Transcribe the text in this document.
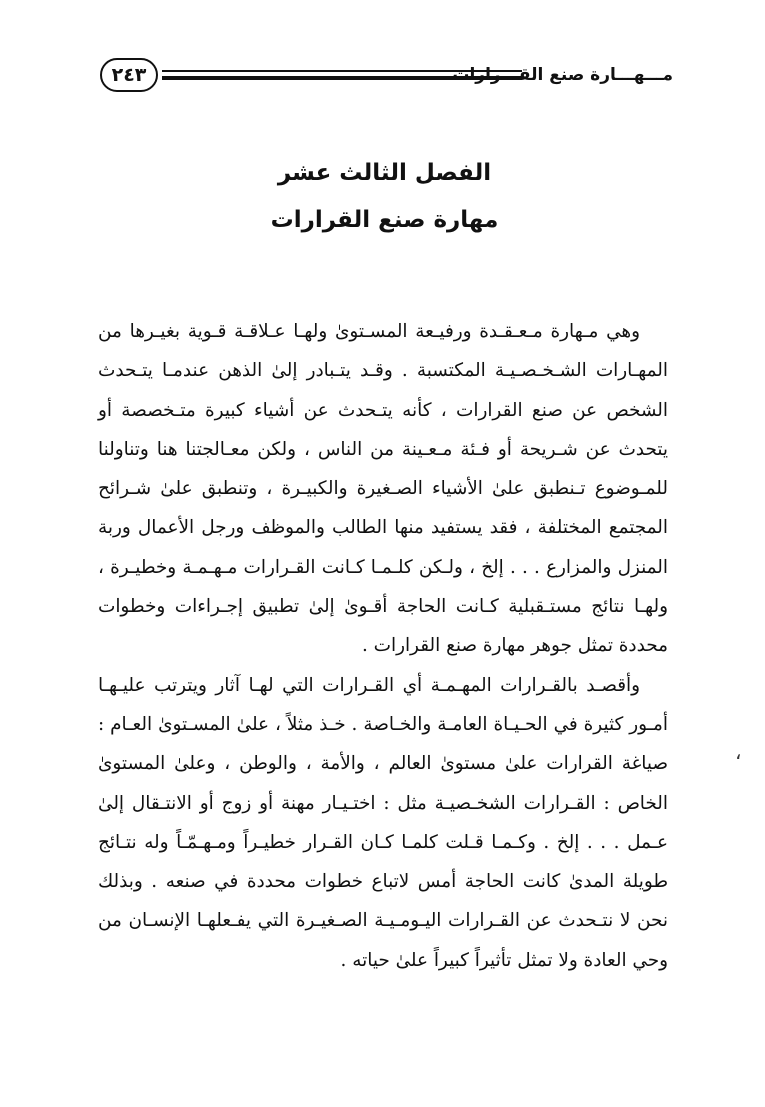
٢٤٣	مـــهـــارة صنع القـــرارات
الفصل الثالث عشر
مهارة صنع القرارات

وهي مـهارة مـعـقـدة ورفيـعة المسـتوىٰ ولهـا عـلاقـة قـوية بغيـرها من المهـارات الشـخـصـيـة المكتسبة . وقـد يتـبادر إلىٰ الذهن عندمـا يتـحدث الشخص عن صنع القرارات ، كأنه يتـحدث عن أشياء كبيرة متـخصصة أو يتحدث عن شـريحة أو فـئة مـعـينة من الناس ، ولكن معـالجتنا هنا وتناولنا للمـوضوع تـنطبق علىٰ الأشياء الصـغيرة والكبيـرة ، وتنطبق علىٰ شـرائح المجتمع المختلفة ، فقد يستفيد منها الطالب والموظف ورجل الأعمال وربة المنزل والمزارع . . . إلخ ، ولـكن كلـمـا كـانت القـرارات مـهـمـة وخطيـرة ، ولهـا نتائج مستـقبلية كـانت الحاجة أقـوىٰ إلىٰ تطبيق إجـراءات وخطوات محددة تمثل جوهر مهارة صنع القرارات .

وأقصـد بالقـرارات المهـمـة أي القـرارات التي لهـا آثار ويترتب عليـهـا أمـور كثيرة في الحـيـاة العامـة والخـاصة . خـذ مثلاً ، علىٰ المسـتوىٰ العـام : صياغة القرارات علىٰ مستوىٰ العالم ، والأمة ، والوطن ، وعلىٰ المستوىٰ الخاص : القـرارات الشخـصيـة مثل : اختـيـار مهنة أو زوج أو الانتـقال إلىٰ عـمل . . . إلخ . وكـمـا قـلت كلمـا كـان القـرار خطيـراً ومـهـمّـاً وله نتـائج طويلة المدىٰ كانت الحاجة أمس لاتباع خطوات محددة في صنعه . وبذلك نحن لا نتـحدث عن القـرارات اليـومـيـة الصـغيـرة التي يفـعلهـا الإنسـان من وحي العادة ولا تمثل تأثيراً كبيراً علىٰ حياته .

،
